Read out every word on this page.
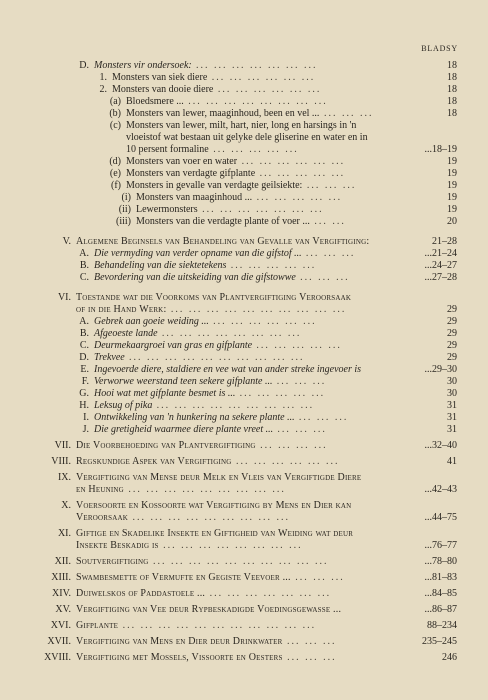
BLADSY
D. Monsters vir ondersoek: ... ... ... ... ... ... ...	18
1. Monsters van siek diere ... ... ... ... ... ...	18
2. Monsters van dooie diere ... ... ... ... ... ...	18
(a) Bloedsmere ... ... ... ... ... ... ... ... ...	18
(b) Monsters van lewer, maaginhoud, been en vel ... ... ... ...	18
(c) Monsters van lewer, milt, hart, nier, long en harsings in 'n
vloeistof wat bestaan uit gelyke dele gliserine en water en in
10 persent formaline ... ... ... ... ...	...18–19
(d) Monsters van voer en water ... ... ... ... ... ...	19
(e) Monsters van verdagte gifplante ... ... ... ... ...	19
(f) Monsters in gevalle van verdagte geilsiekte: ... ... ...	19
(i) Monsters van maaginhoud ... ... ... ... ... ...	19
(ii) Lewermonsters ... ... ... ... ... ... ...	19
(iii) Monsters van die verdagte plante of voer ... ... ...	20
V. Algemene Beginsels van Behandeling van Gevalle van Vergiftiging:	21–28
A. Die vermyding van verder opname van die gifstof ... ... ... ...	...21–24
B. Behandeling van die siektetekens ... ... ... ... ...	...24–27
C. Bevordering van die uitskeiding van die gifstowwe ... ... ...	...27–28
VI. Toestande wat die Voorkoms van Plantvergiftiging Veroorsaak
of in die Hand Werk: ... ... ... ... ... ... ... ... ... ...	29
A. Gebrek aan goeie weiding ... ... ... ... ... ... ...	29
B. Afgeoeste lande ... ... ... ... ... ... ... ...	29
C. Deurmekaargroei van gras en gifplante ... ... ... ... ...	29
D. Trekvee ... ... ... ... ... ... ... ... ... ...	29
E. Ingevoerde diere, staldiere en vee wat van ander streke ingevoer is	...29–30
F. Verworwe weerstand teen sekere gifplante ... ... ... ...	30
G. Hooi wat met gifplante besmet is ... ... ... ... ... ...	30
H. Leksug of pika ... ... ... ... ... ... ... ... ...	31
I. Ontwikkeling van 'n hunkering na sekere plante ... ... ... ...	31
J. Die gretigheid waarmee diere plante vreet ... ... ... ...	31
VII. Die Voorbehoeding van Plantvergiftiging ... ... ... ...	...32–40
VIII. Regskundige Aspek van Vergiftiging ... ... ... ... ... ...	41
IX. Vergiftiging van Mense deur Melk en Vleis van Vergiftigde Diere
en Heuning ... ... ... ... ... ... ... ... ...	...42–43
X. Voersoorte en Kossoorte wat Vergiftiging by Mens en Dier kan
Veroorsaak ... ... ... ... ... ... ... ... ...	...44–75
XI. Giftige en Skadelike Insekte en Giftigheid van Weiding wat deur
Insekte Beskadig is ... ... ... ... ... ... ... ...	...76–77
XII. Soutvergiftiging ... ... ... ... ... ... ... ... ... ...	...78–80
XIII. Swambesmette of Vermufte en Gegiste Veevoer ... ... ... ...	...81–83
XIV. Duiwelskos of Paddastoele ... ... ... ... ... ... ... ...	...84–85
XV. Vergiftiging van Vee deur Rypbeskadigde Voedingsgewasse ...	...86–87
XVI. Gifplante ... ... ... ... ... ... ... ... ... ... ...	88–234
XVII. Vergiftiging van Mens en Dier deur Drinkwater ... ... ...	235–245
XVIII. Vergiftiging met Mossels, Vissoorte en Oesters ... ... ...	246
